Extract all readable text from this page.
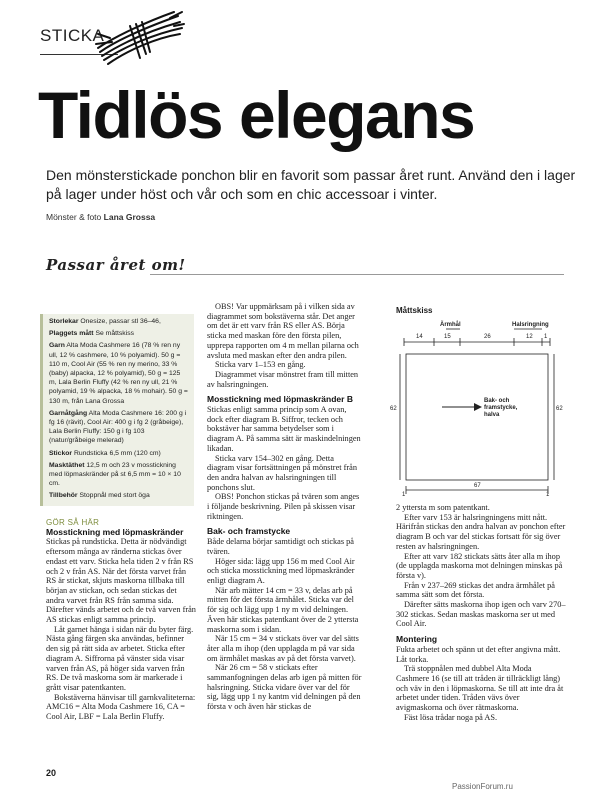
STICKA
Tidlös elegans
Den mönsterstickade ponchon blir en favorit som passar året runt. Använd den i lager på lager under höst och vår och som en chic accessoar i vinter.
Mönster & foto Lana Grossa
Passar året om!

Storlekar Onesize, passar stl 36–46,

Plaggets mått Se måttskiss

Garn Alta Moda Cashmere 16 (78 % ren ny ull, 12 % cashmere, 10 % polyamid). 50 g = 110 m, Cool Air (55 % ren ny merino, 33 % (baby) alpacka, 12 % polyamid), 50 g = 125 m, Lala Berlin Fluffy (42 % ren ny ull, 21 % polyamid, 19 % alpacka, 18 % mohair). 50 g = 130 m, från Lana Grossa

Garnåtgång Alta Moda Cashmere 16: 200 g i fg 16 (rävit), Cool Air: 400 g i fg 2 (gråbeige), Lala Berlin Fluffy: 150 g i fg 103 (natur/gråbeige melerad)

Stickor Rundsticka 6,5 mm (120 cm)

Masktäthet 12,5 m och 23 v mosstickning med löpmaskränder på st 6,5 mm = 10 × 10 cm.

Tillbehör Stoppnål med stort öga

GÖR SÅ HÄR

Mosstickning med löpmaskränder

Stickas på rundsticka. Detta är nödvändigt eftersom många av ränderna stickas över endast ett varv. Sticka hela tiden 2 v från RS och 2 v från AS. När det första varvet från RS är stickat, skjuts maskorna tillbaka till början av stickan, och sedan stickas det andra varvet från RS från samma sida. Därefter vänds arbetet och de två varven från AS stickas enligt samma princip.

Låt garnet hänga i sidan när du byter färg. Nästa gång färgen ska användas, befinner den sig på rätt sida av arbetet. Sticka efter diagram A. Siffrorna på vänster sida visar varven från AS, på höger sida varven från RS. De två maskorna som är markerade i grått visar patentkanten.

Bokstäverna hänvisar till garnkvaliteterna: AMC16 = Alta Moda Cashmere 16, CA = Cool Air, LBF = Lala Berlin Fluffy.

OBS! Var uppmärksam på i vilken sida av diagrammet som bokstäverna står. Det anger om det är ett varv från RS eller AS. Börja sticka med maskan före den första pilen, upprepa rapporten om 4 m mellan pilarna och avsluta med maskan efter den andra pilen.

Sticka varv 1–153 en gång.

Diagrammet visar mönstret fram till mitten av halsringningen.

Mosstickning med löpmaskränder B

Stickas enligt samma princip som A ovan, dock efter diagram B. Siffror, tecken och bokstäver har samma betydelser som i diagram A. På samma sätt är maskindelningen likadan.

Sticka varv 154–302 en gång. Detta diagram visar fortsättningen på mönstret från den andra halvan av halsringningen till ponchons slut.

OBS! Ponchon stickas på tvären som anges i följande beskrivning. Pilen på skissen visar riktningen.

Bak- och framstycke

Både delarna börjar samtidigt och stickas på tvären.

Höger sida: lägg upp 156 m med Cool Air och sticka mosstickning med löpmaskränder enligt diagram A.

När arb mätter 14 cm = 33 v, delas arb på mitten för det första ärmhålet. Sticka var del för sig och lägg upp 1 ny m vid delningen. Även här stickas patentkant över de 2 yttersta maskorna som i sidan.

När 15 cm = 34 v stickats över var del sätts åter alla m ihop (den upplagda m på var sida om ärmhålet maskas av på det första varvet).

När 26 cm = 58 v stickats efter sammanfogningen delas arb igen på mitten för halsringning. Sticka vidare över var del för sig, lägg upp 1 ny kantm vid delningen på den första v och även här stickas de

Måttskiss
Ärmhål	Halsringning
14	15	26	12 1
62	62
67
1	1
Bak- och framstycke, halva

2 yttersta m som patentkant.

Efter varv 153 är halsringningens mitt nått. Härifrån stickas den andra halvan av ponchon efter diagram B och var del stickas fortsatt för sig över resten av halsringningen.

Efter att varv 182 stickats sätts åter alla m ihop (de upplagda maskorna mot delningen minskas på första v).

Från v 237–269 stickas det andra ärmhålet på samma sätt som det första.

Därefter sätts maskorna ihop igen och varv 270–302 stickas. Sedan maskas maskorna ser ut med Cool Air.

Montering

Fukta arbetet och spänn ut det efter angivna mått. Låt torka.

Trä stoppnålen med dubbel Alta Moda Cashmere 16 (se till att tråden är tillräckligt lång) och väv in den i löpmaskorna. Se till att inte dra åt arbetet under tiden. Tråden vävs över avigmaskorna och över rätmaskorna.

Fäst lösa trådar noga på AS.

20
PassionForum.ru
